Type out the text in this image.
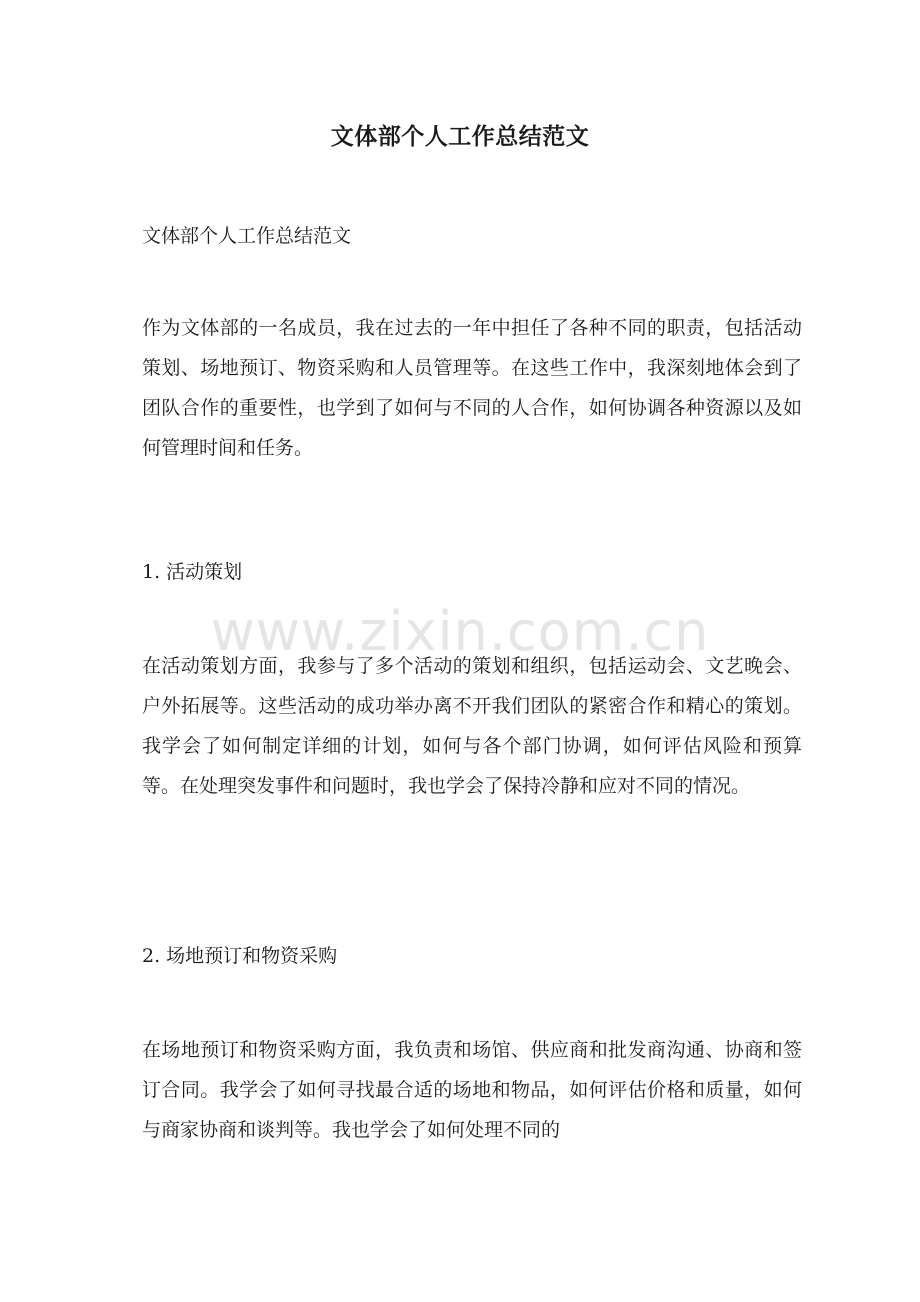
文体部个人工作总结范文
文体部个人工作总结范文
作为文体部的一名成员，我在过去的一年中担任了各种不同的职责，包括活动策划、场地预订、物资采购和人员管理等。在这些工作中，我深刻地体会到了团队合作的重要性，也学到了如何与不同的人合作，如何协调各种资源以及如何管理时间和任务。
1. 活动策划
在活动策划方面，我参与了多个活动的策划和组织，包括运动会、文艺晚会、户外拓展等。这些活动的成功举办离不开我们团队的紧密合作和精心的策划。我学会了如何制定详细的计划，如何与各个部门协调，如何评估风险和预算等。在处理突发事件和问题时，我也学会了保持冷静和应对不同的情况。
2. 场地预订和物资采购
在场地预订和物资采购方面，我负责和场馆、供应商和批发商沟通、协商和签订合同。我学会了如何寻找最合适的场地和物品，如何评估价格和质量，如何与商家协商和谈判等。我也学会了如何处理不同的
www.zixin.com.cn
